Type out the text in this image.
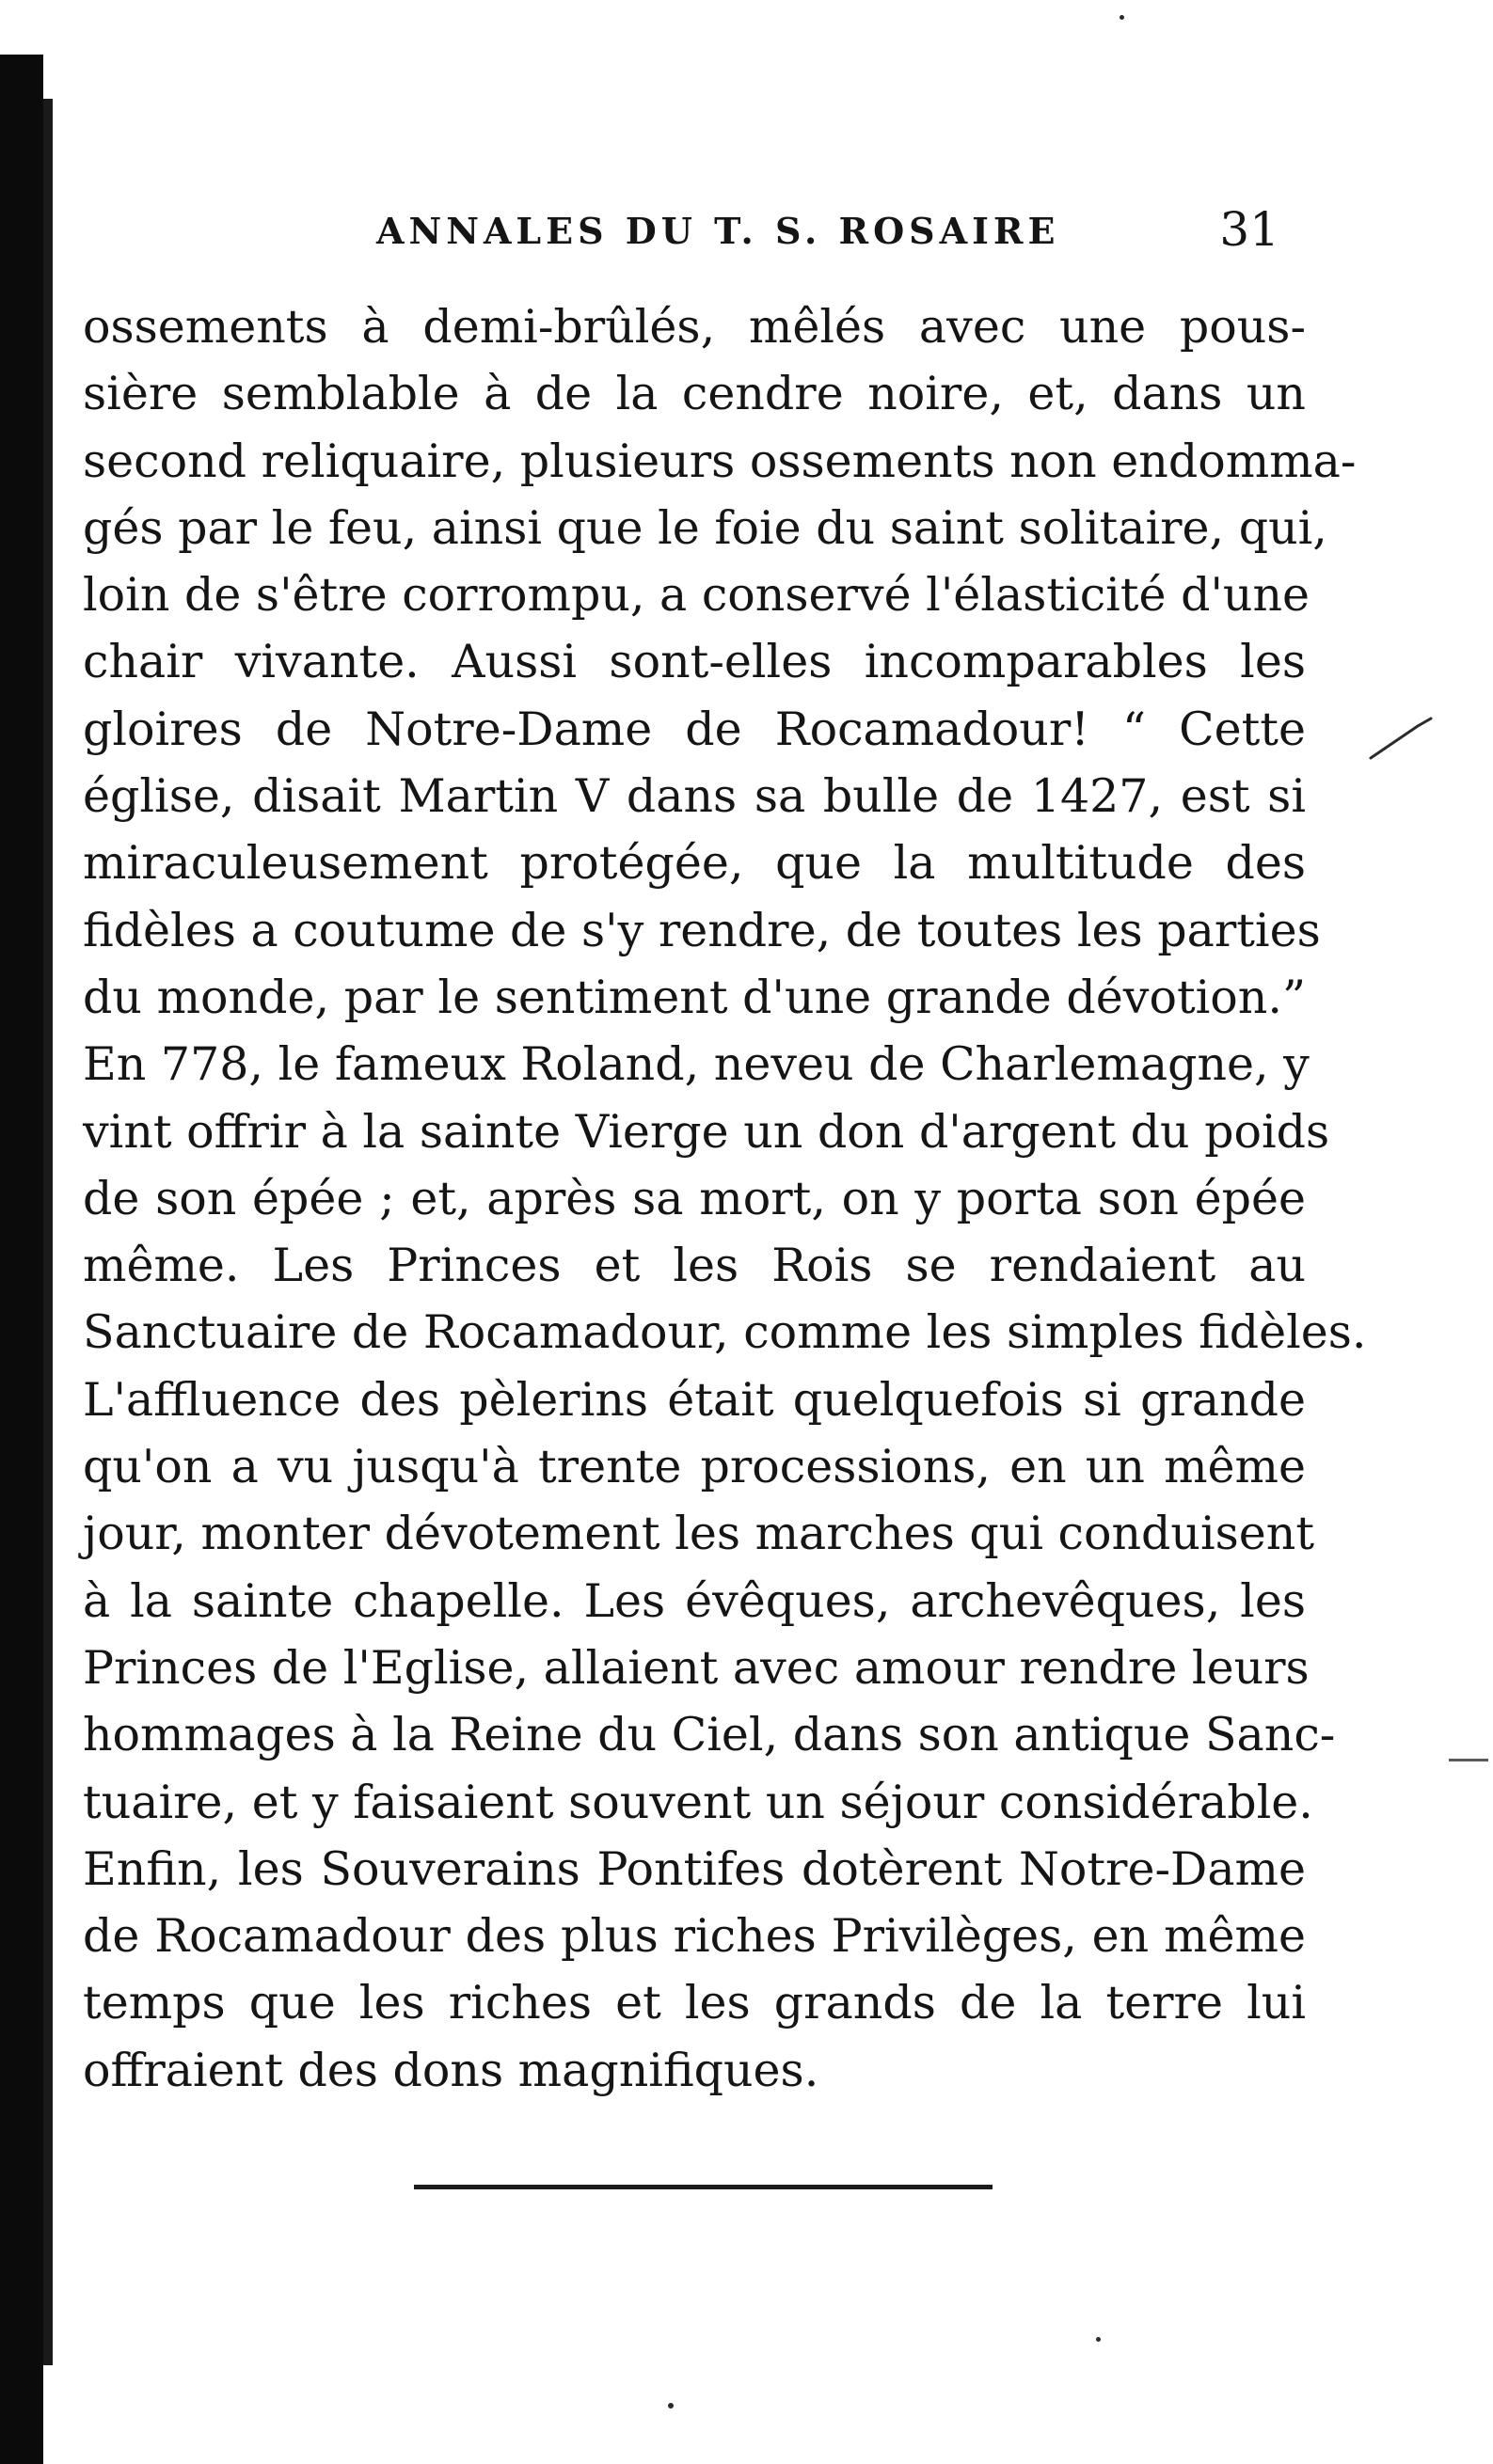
ANNALES DU T. S. ROSAIRE	31
ossements à demi-brûlés, mêlés avec une pous-
sière semblable à de la cendre noire, et, dans un
second reliquaire, plusieurs ossements non endomma-
gés par le feu, ainsi que le foie du saint solitaire, qui,
loin de s'être corrompu, a conservé l'élasticité d'une
chair vivante. Aussi sont-elles incomparables les
gloires de Notre-Dame de Rocamadour! “ Cette
église, disait Martin V dans sa bulle de 1427, est si
miraculeusement protégée, que la multitude des
fidèles a coutume de s'y rendre, de toutes les parties
du monde, par le sentiment d'une grande dévotion.”
En 778, le fameux Roland, neveu de Charlemagne, y
vint offrir à la sainte Vierge un don d'argent du poids
de son épée ; et, après sa mort, on y porta son épée
même. Les Princes et les Rois se rendaient au
Sanctuaire de Rocamadour, comme les simples fidèles.
L'affluence des pèlerins était quelquefois si grande
qu'on a vu jusqu'à trente processions, en un même
jour, monter dévotement les marches qui conduisent
à la sainte chapelle. Les évêques, archevêques, les
Princes de l'Eglise, allaient avec amour rendre leurs
hommages à la Reine du Ciel, dans son antique Sanc-
tuaire, et y faisaient souvent un séjour considérable.
Enfin, les Souverains Pontifes dotèrent Notre-Dame
de Rocamadour des plus riches Privilèges, en même
temps que les riches et les grands de la terre lui
offraient des dons magnifiques.
